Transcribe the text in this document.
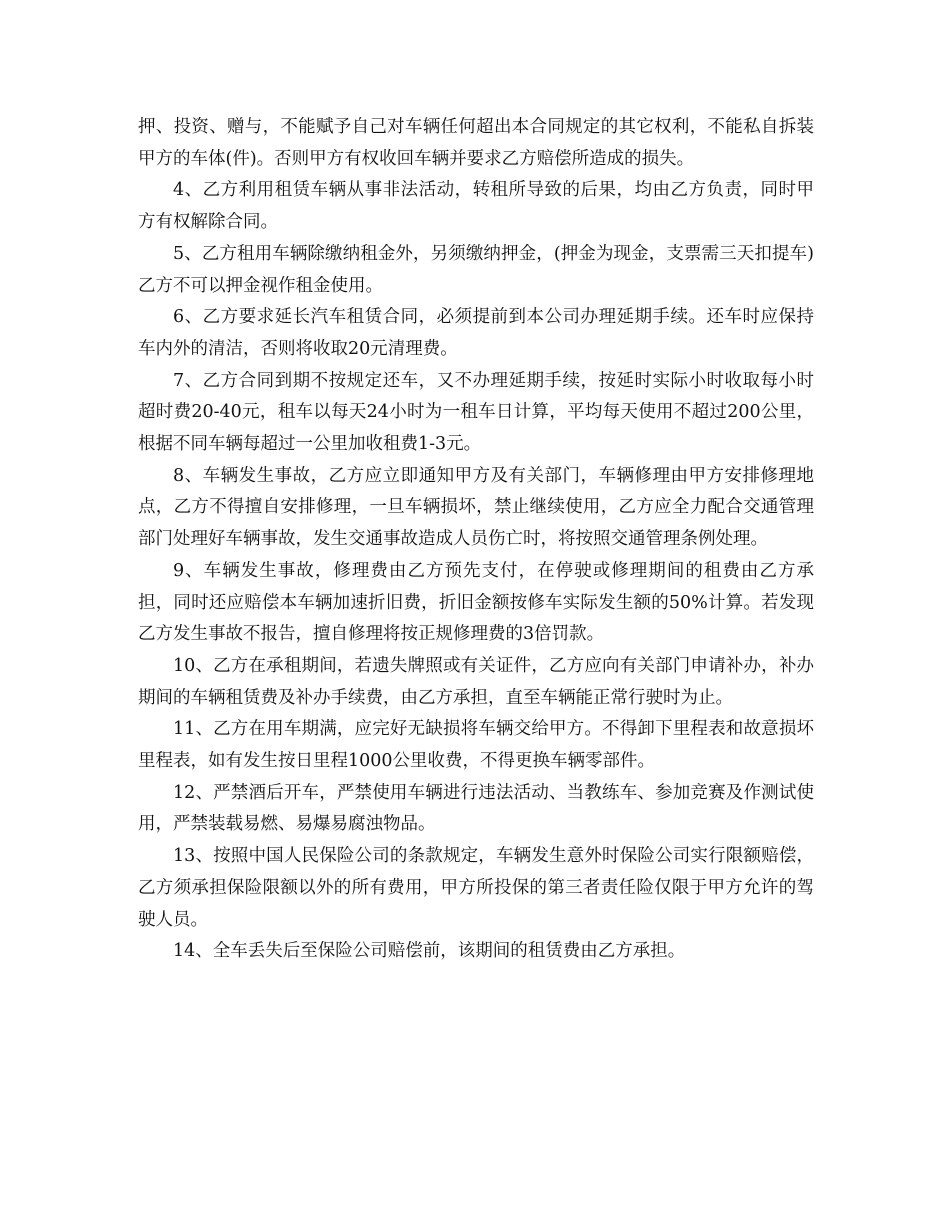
押、投资、赠与，不能赋予自己对车辆任何超出本合同规定的其它权利，不能私自拆装甲方的车体(件)。否则甲方有权收回车辆并要求乙方赔偿所造成的损失。

4、乙方利用租赁车辆从事非法活动，转租所导致的后果，均由乙方负责，同时甲方有权解除合同。

5、乙方租用车辆除缴纳租金外，另须缴纳押金，(押金为现金，支票需三天扣提车)乙方不可以押金视作租金使用。

6、乙方要求延长汽车租赁合同，必须提前到本公司办理延期手续。还车时应保持车内外的清洁，否则将收取20元清理费。

7、乙方合同到期不按规定还车，又不办理延期手续，按延时实际小时收取每小时超时费20-40元，租车以每天24小时为一租车日计算，平均每天使用不超过200公里，根据不同车辆每超过一公里加收租费1-3元。

8、车辆发生事故，乙方应立即通知甲方及有关部门，车辆修理由甲方安排修理地点，乙方不得擅自安排修理，一旦车辆损坏，禁止继续使用，乙方应全力配合交通管理部门处理好车辆事故，发生交通事故造成人员伤亡时，将按照交通管理条例处理。

9、车辆发生事故，修理费由乙方预先支付，在停驶或修理期间的租费由乙方承担，同时还应赔偿本车辆加速折旧费，折旧金额按修车实际发生额的50%计算。若发现乙方发生事故不报告，擅自修理将按正规修理费的3倍罚款。

10、乙方在承租期间，若遗失牌照或有关证件，乙方应向有关部门申请补办，补办期间的车辆租赁费及补办手续费，由乙方承担，直至车辆能正常行驶时为止。

11、乙方在用车期满，应完好无缺损将车辆交给甲方。不得卸下里程表和故意损坏里程表，如有发生按日里程1000公里收费，不得更换车辆零部件。

12、严禁酒后开车，严禁使用车辆进行违法活动、当教练车、参加竞赛及作测试使用，严禁装载易燃、易爆易腐浊物品。

13、按照中国人民保险公司的条款规定，车辆发生意外时保险公司实行限额赔偿，乙方须承担保险限额以外的所有费用，甲方所投保的第三者责任险仅限于甲方允许的驾驶人员。

14、全车丢失后至保险公司赔偿前，该期间的租赁费由乙方承担。
